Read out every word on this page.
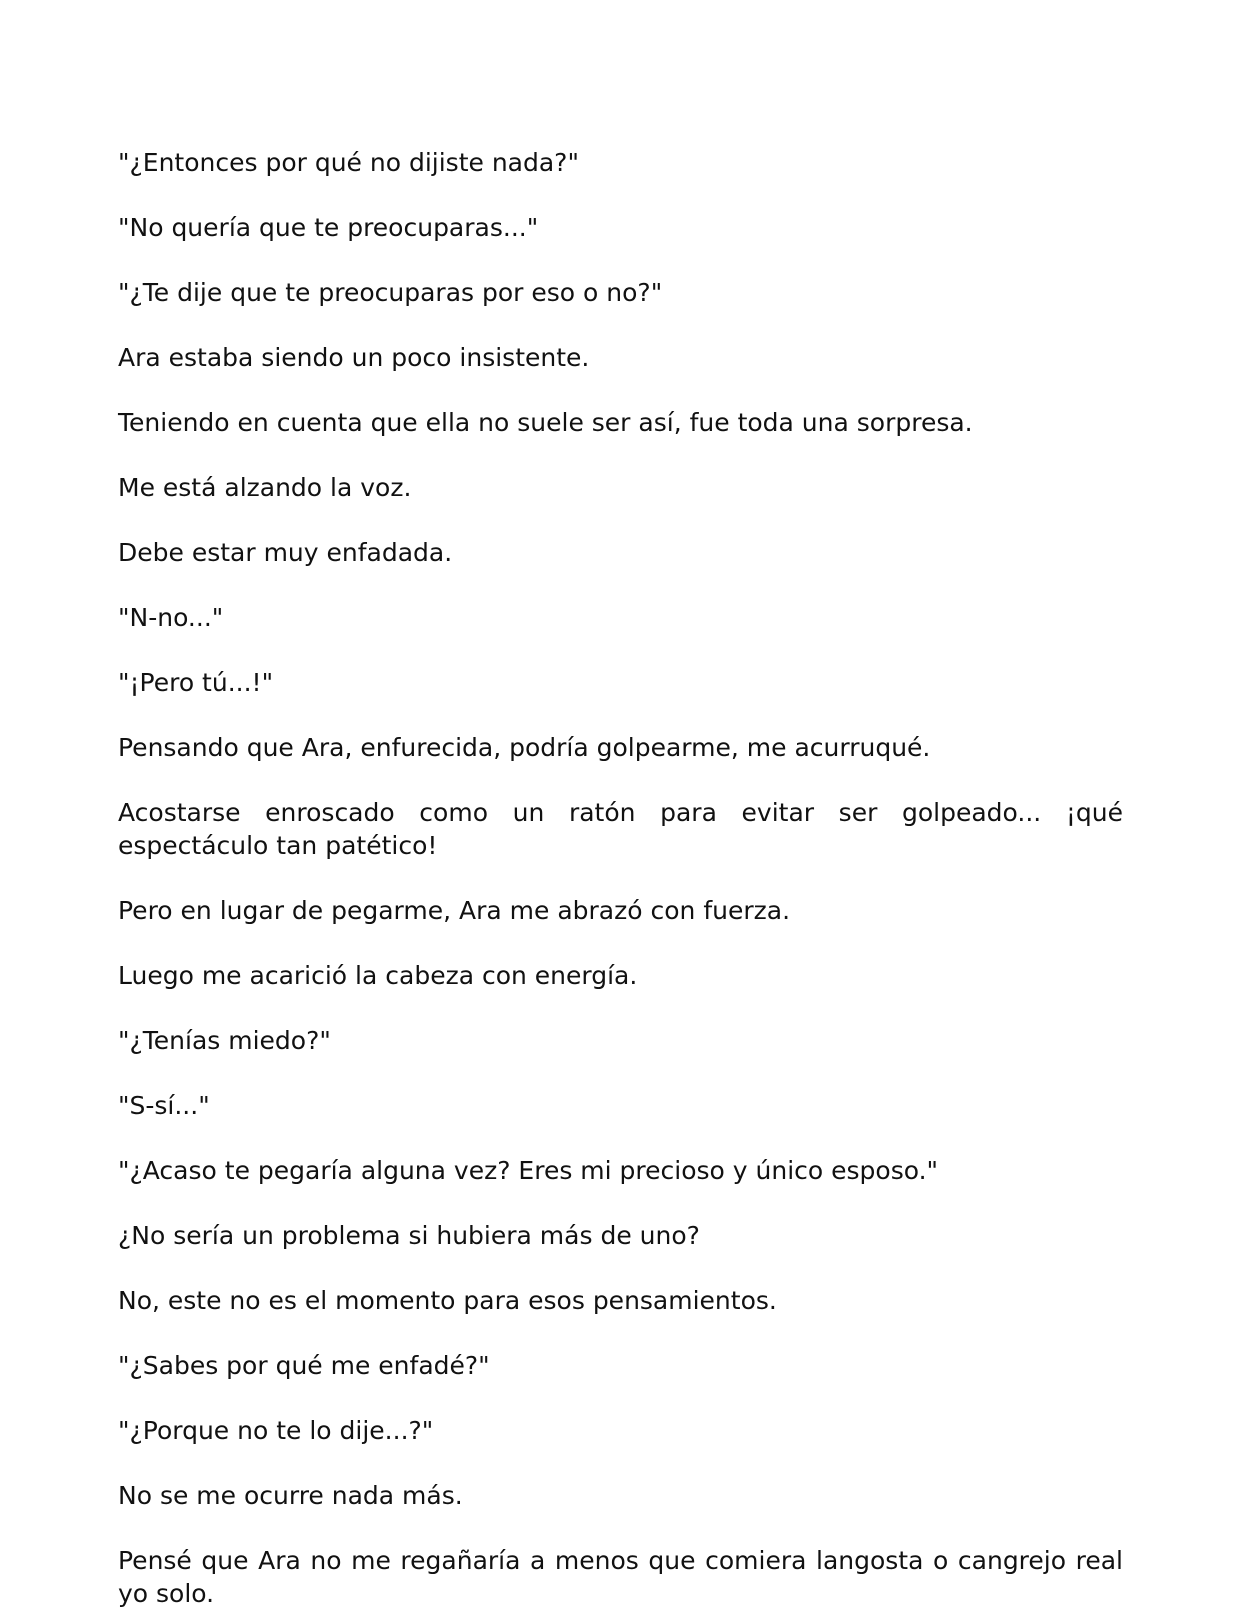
"¿Entonces por qué no dijiste nada?"

"No quería que te preocuparas..."

"¿Te dije que te preocuparas por eso o no?"

Ara estaba siendo un poco insistente.

Teniendo en cuenta que ella no suele ser así, fue toda una sorpresa.

Me está alzando la voz.

Debe estar muy enfadada.

"N-no..."

"¡Pero tú...!"

Pensando que Ara, enfurecida, podría golpearme, me acurruqué.

Acostarse enroscado como un ratón para evitar ser golpeado... ¡qué espectáculo tan patético!

Pero en lugar de pegarme, Ara me abrazó con fuerza.

Luego me acarició la cabeza con energía.

"¿Tenías miedo?"

"S-sí..."

"¿Acaso te pegaría alguna vez? Eres mi precioso y único esposo."

¿No sería un problema si hubiera más de uno?

No, este no es el momento para esos pensamientos.

"¿Sabes por qué me enfadé?"

"¿Porque no te lo dije...?"

No se me ocurre nada más.

Pensé que Ara no me regañaría a menos que comiera langosta o cangrejo real yo solo.
